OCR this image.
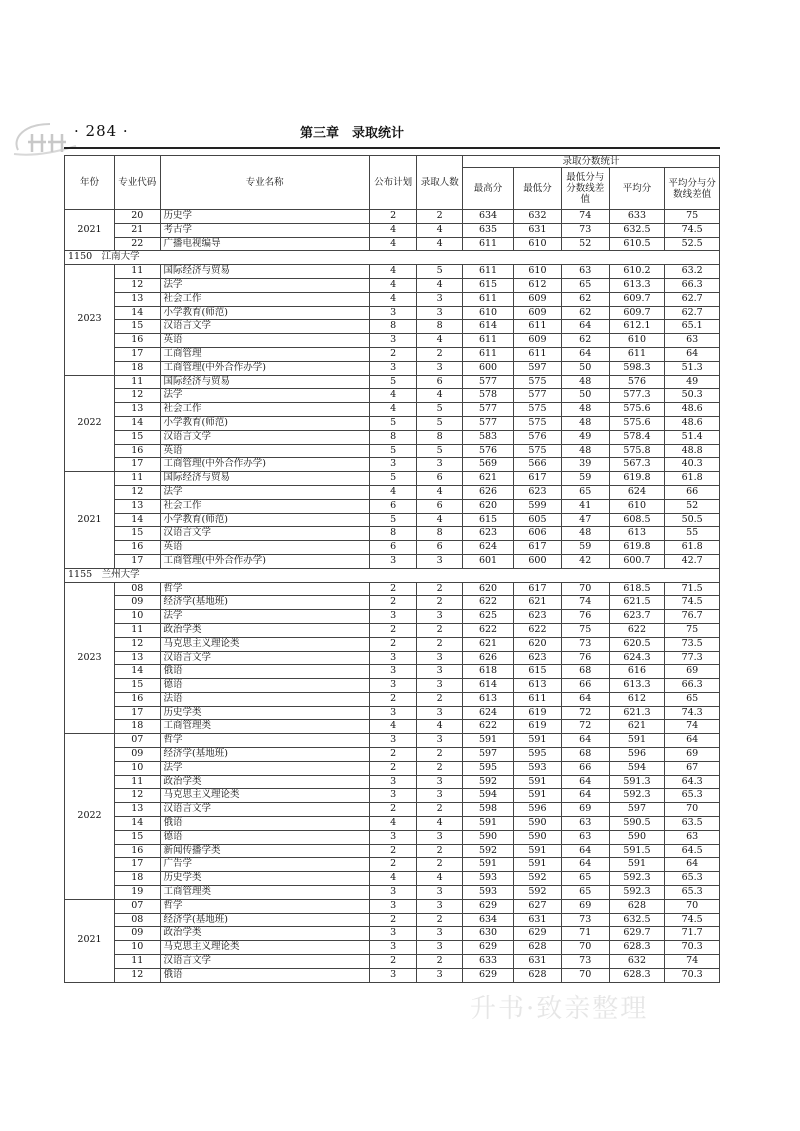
· 284 ·	第三章　录取统计
年份	专业代码	专业名称	公布计划	录取人数	录取分数统计				
					最高分	最低分	最低分与分数线差值	平均分	平均分与分数线差值
2021	20	历史学	2	2	634	632	74	633	75
	21	考古学	4	4	635	631	73	632.5	74.5
	22	广播电视编导	4	4	611	610	52	610.5	52.5
1150　江南大学									
2023	11	国际经济与贸易	4	5	611	610	63	610.2	63.2
	12	法学	4	4	615	612	65	613.3	66.3
	13	社会工作	4	3	611	609	62	609.7	62.7
	14	小学教育(师范)	3	3	610	609	62	609.7	62.7
	15	汉语言文学	8	8	614	611	64	612.1	65.1
	16	英语	3	4	611	609	62	610	63
	17	工商管理	2	2	611	611	64	611	64
	18	工商管理(中外合作办学)	3	3	600	597	50	598.3	51.3
2022	11	国际经济与贸易	5	6	577	575	48	576	49
	12	法学	4	4	578	577	50	577.3	50.3
	13	社会工作	4	5	577	575	48	575.6	48.6
	14	小学教育(师范)	5	5	577	575	48	575.6	48.6
	15	汉语言文学	8	8	583	576	49	578.4	51.4
	16	英语	5	5	576	575	48	575.8	48.8
	17	工商管理(中外合作办学)	3	3	569	566	39	567.3	40.3
2021	11	国际经济与贸易	5	6	621	617	59	619.8	61.8
	12	法学	4	4	626	623	65	624	66
	13	社会工作	6	6	620	599	41	610	52
	14	小学教育(师范)	5	4	615	605	47	608.5	50.5
	15	汉语言文学	8	8	623	606	48	613	55
	16	英语	6	6	624	617	59	619.8	61.8
	17	工商管理(中外合作办学)	3	3	601	600	42	600.7	42.7
1155　兰州大学									
2023	08	哲学	2	2	620	617	70	618.5	71.5
	09	经济学(基地班)	2	2	622	621	74	621.5	74.5
	10	法学	3	3	625	623	76	623.7	76.7
	11	政治学类	2	2	622	622	75	622	75
	12	马克思主义理论类	2	2	621	620	73	620.5	73.5
	13	汉语言文学	3	3	626	623	76	624.3	77.3
	14	俄语	3	3	618	615	68	616	69
	15	德语	3	3	614	613	66	613.3	66.3
	16	法语	2	2	613	611	64	612	65
	17	历史学类	3	3	624	619	72	621.3	74.3
	18	工商管理类	4	4	622	619	72	621	74
2022	07	哲学	3	3	591	591	64	591	64
	09	经济学(基地班)	2	2	597	595	68	596	69
	10	法学	2	2	595	593	66	594	67
	11	政治学类	3	3	592	591	64	591.3	64.3
	12	马克思主义理论类	3	3	594	591	64	592.3	65.3
	13	汉语言文学	2	2	598	596	69	597	70
	14	俄语	4	4	591	590	63	590.5	63.5
	15	德语	3	3	590	590	63	590	63
	16	新闻传播学类	2	2	592	591	64	591.5	64.5
	17	广告学	2	2	591	591	64	591	64
	18	历史学类	4	4	593	592	65	592.3	65.3
	19	工商管理类	3	3	593	592	65	592.3	65.3
2021	07	哲学	3	3	629	627	69	628	70
	08	经济学(基地班)	2	2	634	631	73	632.5	74.5
	09	政治学类	3	3	630	629	71	629.7	71.7
	10	马克思主义理论类	3	3	629	628	70	628.3	70.3
	11	汉语言文学	2	2	633	631	73	632	74
	12	俄语	3	3	629	628	70	628.3	70.3
升书·致亲整理
